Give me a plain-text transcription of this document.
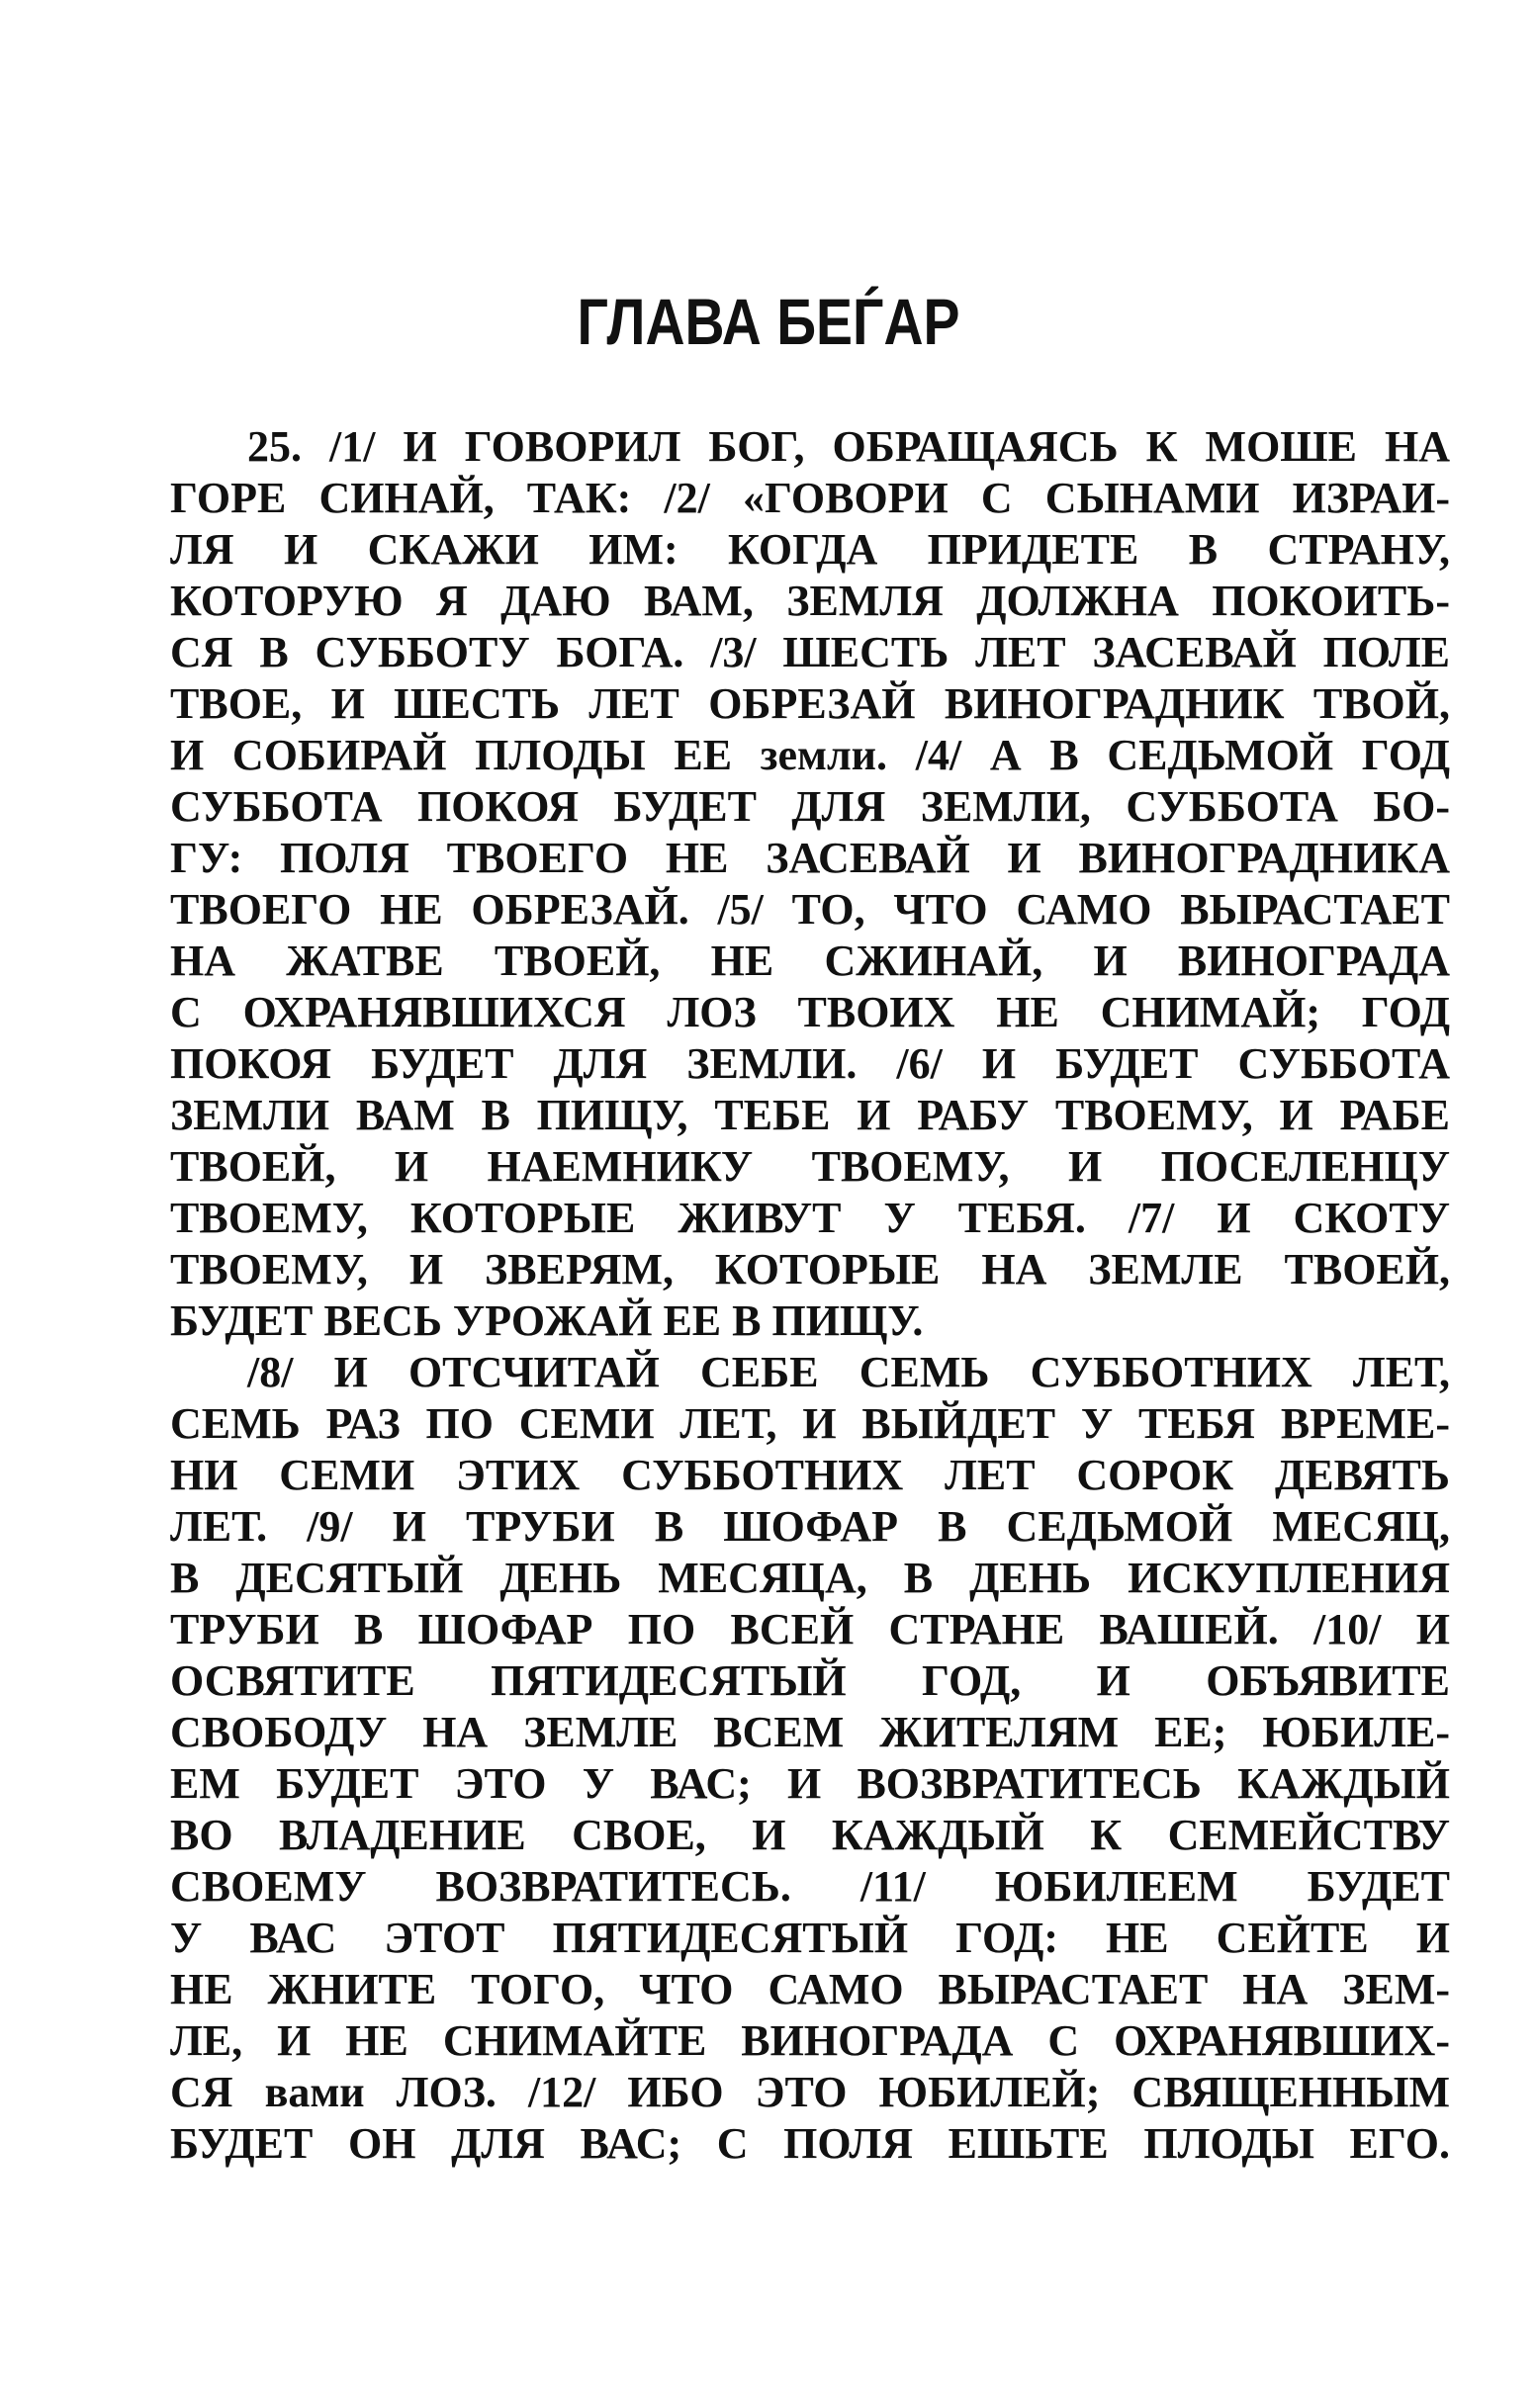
ГЛАВА БЕЃАР
25. /1/ И ГОВОРИЛ БОГ, ОБРАЩАЯСЬ К МОШЕ НА
ГОРЕ СИНАЙ, ТАК: /2/ «ГОВОРИ С СЫНАМИ ИЗРАИ-
ЛЯ И СКАЖИ ИМ: КОГДА ПРИДЕТЕ В СТРАНУ,
КОТОРУЮ Я ДАЮ ВАМ, ЗЕМЛЯ ДОЛЖНА ПОКОИТЬ-
СЯ В СУББОТУ БОГА. /3/ ШЕСТЬ ЛЕТ ЗАСЕВАЙ ПОЛЕ
ТВОЕ, И ШЕСТЬ ЛЕТ ОБРЕЗАЙ ВИНОГРАДНИК ТВОЙ,
И СОБИРАЙ ПЛОДЫ ЕЕ земли. /4/ А В СЕДЬМОЙ ГОД
СУББОТА ПОКОЯ БУДЕТ ДЛЯ ЗЕМЛИ, СУББОТА БО-
ГУ: ПОЛЯ ТВОЕГО НЕ ЗАСЕВАЙ И ВИНОГРАДНИКА
ТВОЕГО НЕ ОБРЕЗАЙ. /5/ ТО, ЧТО САМО ВЫРАСТАЕТ
НА ЖАТВЕ ТВОЕЙ, НЕ СЖИНАЙ, И ВИНОГРАДА
С ОХРАНЯВШИХСЯ ЛОЗ ТВОИХ НЕ СНИМАЙ; ГОД
ПОКОЯ БУДЕТ ДЛЯ ЗЕМЛИ. /6/ И БУДЕТ СУББОТА
ЗЕМЛИ ВАМ В ПИЩУ, ТЕБЕ И РАБУ ТВОЕМУ, И РАБЕ
ТВОЕЙ, И НАЕМНИКУ ТВОЕМУ, И ПОСЕЛЕНЦУ
ТВОЕМУ, КОТОРЫЕ ЖИВУТ У ТЕБЯ. /7/ И СКОТУ
ТВОЕМУ, И ЗВЕРЯМ, КОТОРЫЕ НА ЗЕМЛЕ ТВОЕЙ,
БУДЕТ ВЕСЬ УРОЖАЙ ЕЕ В ПИЩУ.
/8/ И ОТСЧИТАЙ СЕБЕ СЕМЬ СУББОТНИХ ЛЕТ,
СЕМЬ РАЗ ПО СЕМИ ЛЕТ, И ВЫЙДЕТ У ТЕБЯ ВРЕМЕ-
НИ СЕМИ ЭТИХ СУББОТНИХ ЛЕТ СОРОК ДЕВЯТЬ
ЛЕТ. /9/ И ТРУБИ В ШОФАР В СЕДЬМОЙ МЕСЯЦ,
В ДЕСЯТЫЙ ДЕНЬ МЕСЯЦА, В ДЕНЬ ИСКУПЛЕНИЯ
ТРУБИ В ШОФАР ПО ВСЕЙ СТРАНЕ ВАШЕЙ. /10/ И
ОСВЯТИТЕ ПЯТИДЕСЯТЫЙ ГОД, И ОБЪЯВИТЕ
СВОБОДУ НА ЗЕМЛЕ ВСЕМ ЖИТЕЛЯМ ЕЕ; ЮБИЛЕ-
ЕМ БУДЕТ ЭТО У ВАС; И ВОЗВРАТИТЕСЬ КАЖДЫЙ
ВО ВЛАДЕНИЕ СВОЕ, И КАЖДЫЙ К СЕМЕЙСТВУ
СВОЕМУ ВОЗВРАТИТЕСЬ. /11/ ЮБИЛЕЕМ БУДЕТ
У ВАС ЭТОТ ПЯТИДЕСЯТЫЙ ГОД: НЕ СЕЙТЕ И
НЕ ЖНИТЕ ТОГО, ЧТО САМО ВЫРАСТАЕТ НА ЗЕМ-
ЛЕ, И НЕ СНИМАЙТЕ ВИНОГРАДА С ОХРАНЯВШИХ-
СЯ вами ЛОЗ. /12/ ИБО ЭТО ЮБИЛЕЙ; СВЯЩЕННЫМ
БУДЕТ ОН ДЛЯ ВАС; С ПОЛЯ ЕШЬТЕ ПЛОДЫ ЕГО.
